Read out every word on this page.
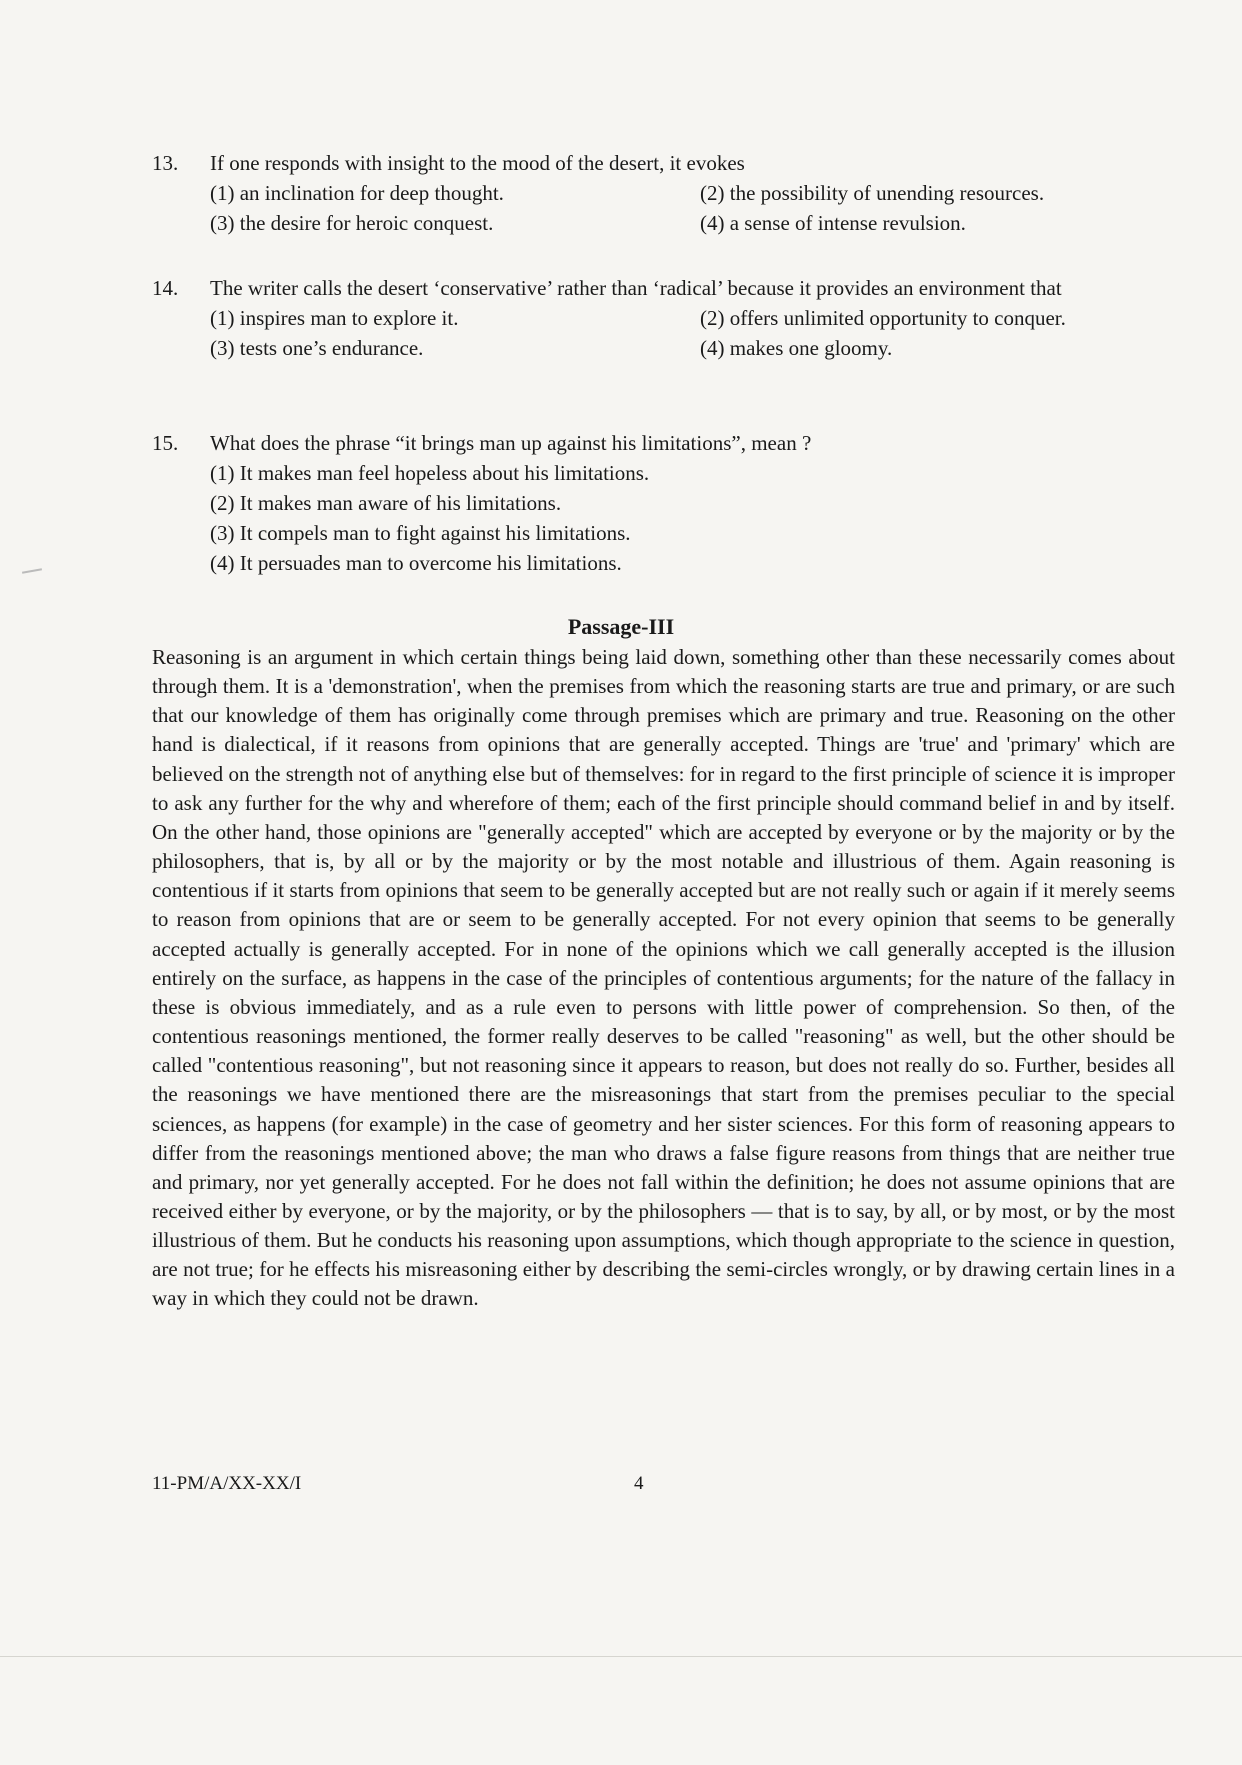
13. If one responds with insight to the mood of the desert, it evokes
(1) an inclination for deep thought.	(2) the possibility of unending resources.
(3) the desire for heroic conquest.	(4) a sense of intense revulsion.
14. The writer calls the desert ‘conservative’ rather than ‘radical’ because it provides an environment that
(1) inspires man to explore it.	(2) offers unlimited opportunity to conquer.
(3) tests one’s endurance.	(4) makes one gloomy.
15. What does the phrase “it brings man up against his limitations”, mean ?
(1) It makes man feel hopeless about his limitations.
(2) It makes man aware of his limitations.
(3) It compels man to fight against his limitations.
(4) It persuades man to overcome his limitations.
Passage-III

Reasoning is an argument in which certain things being laid down, something other than these necessarily comes about through them. It is a 'demonstration', when the premises from which the reasoning starts are true and primary, or are such that our knowledge of them has originally come through premises which are primary and true. Reasoning on the other hand is dialectical, if it reasons from opinions that are generally accepted. Things are 'true' and 'primary' which are believed on the strength not of anything else but of themselves: for in regard to the first principle of science it is improper to ask any further for the why and wherefore of them; each of the first principle should command belief in and by itself. On the other hand, those opinions are "generally accepted" which are accepted by everyone or by the majority or by the philosophers, that is, by all or by the majority or by the most notable and illustrious of them. Again reasoning is contentious if it starts from opinions that seem to be generally accepted but are not really such or again if it merely seems to reason from opinions that are or seem to be generally accepted. For not every opinion that seems to be generally accepted actually is generally accepted. For in none of the opinions which we call generally accepted is the illusion entirely on the surface, as happens in the case of the principles of contentious arguments; for the nature of the fallacy in these is obvious immediately, and as a rule even to persons with little power of comprehension. So then, of the contentious reasonings mentioned, the former really deserves to be called "reasoning" as well, but the other should be called "contentious reasoning", but not reasoning since it appears to reason, but does not really do so. Further, besides all the reasonings we have mentioned there are the misreasonings that start from the premises peculiar to the special sciences, as happens (for example) in the case of geometry and her sister sciences. For this form of reasoning appears to differ from the reasonings mentioned above; the man who draws a false figure reasons from things that are neither true and primary, nor yet generally accepted. For he does not fall within the definition; he does not assume opinions that are received either by everyone, or by the majority, or by the philosophers — that is to say, by all, or by most, or by the most illustrious of them. But he conducts his reasoning upon assumptions, which though appropriate to the science in question, are not true; for he effects his misreasoning either by describing the semi-circles wrongly, or by drawing certain lines in a way in which they could not be drawn.

11-PM/A/XX-XX/I	4
